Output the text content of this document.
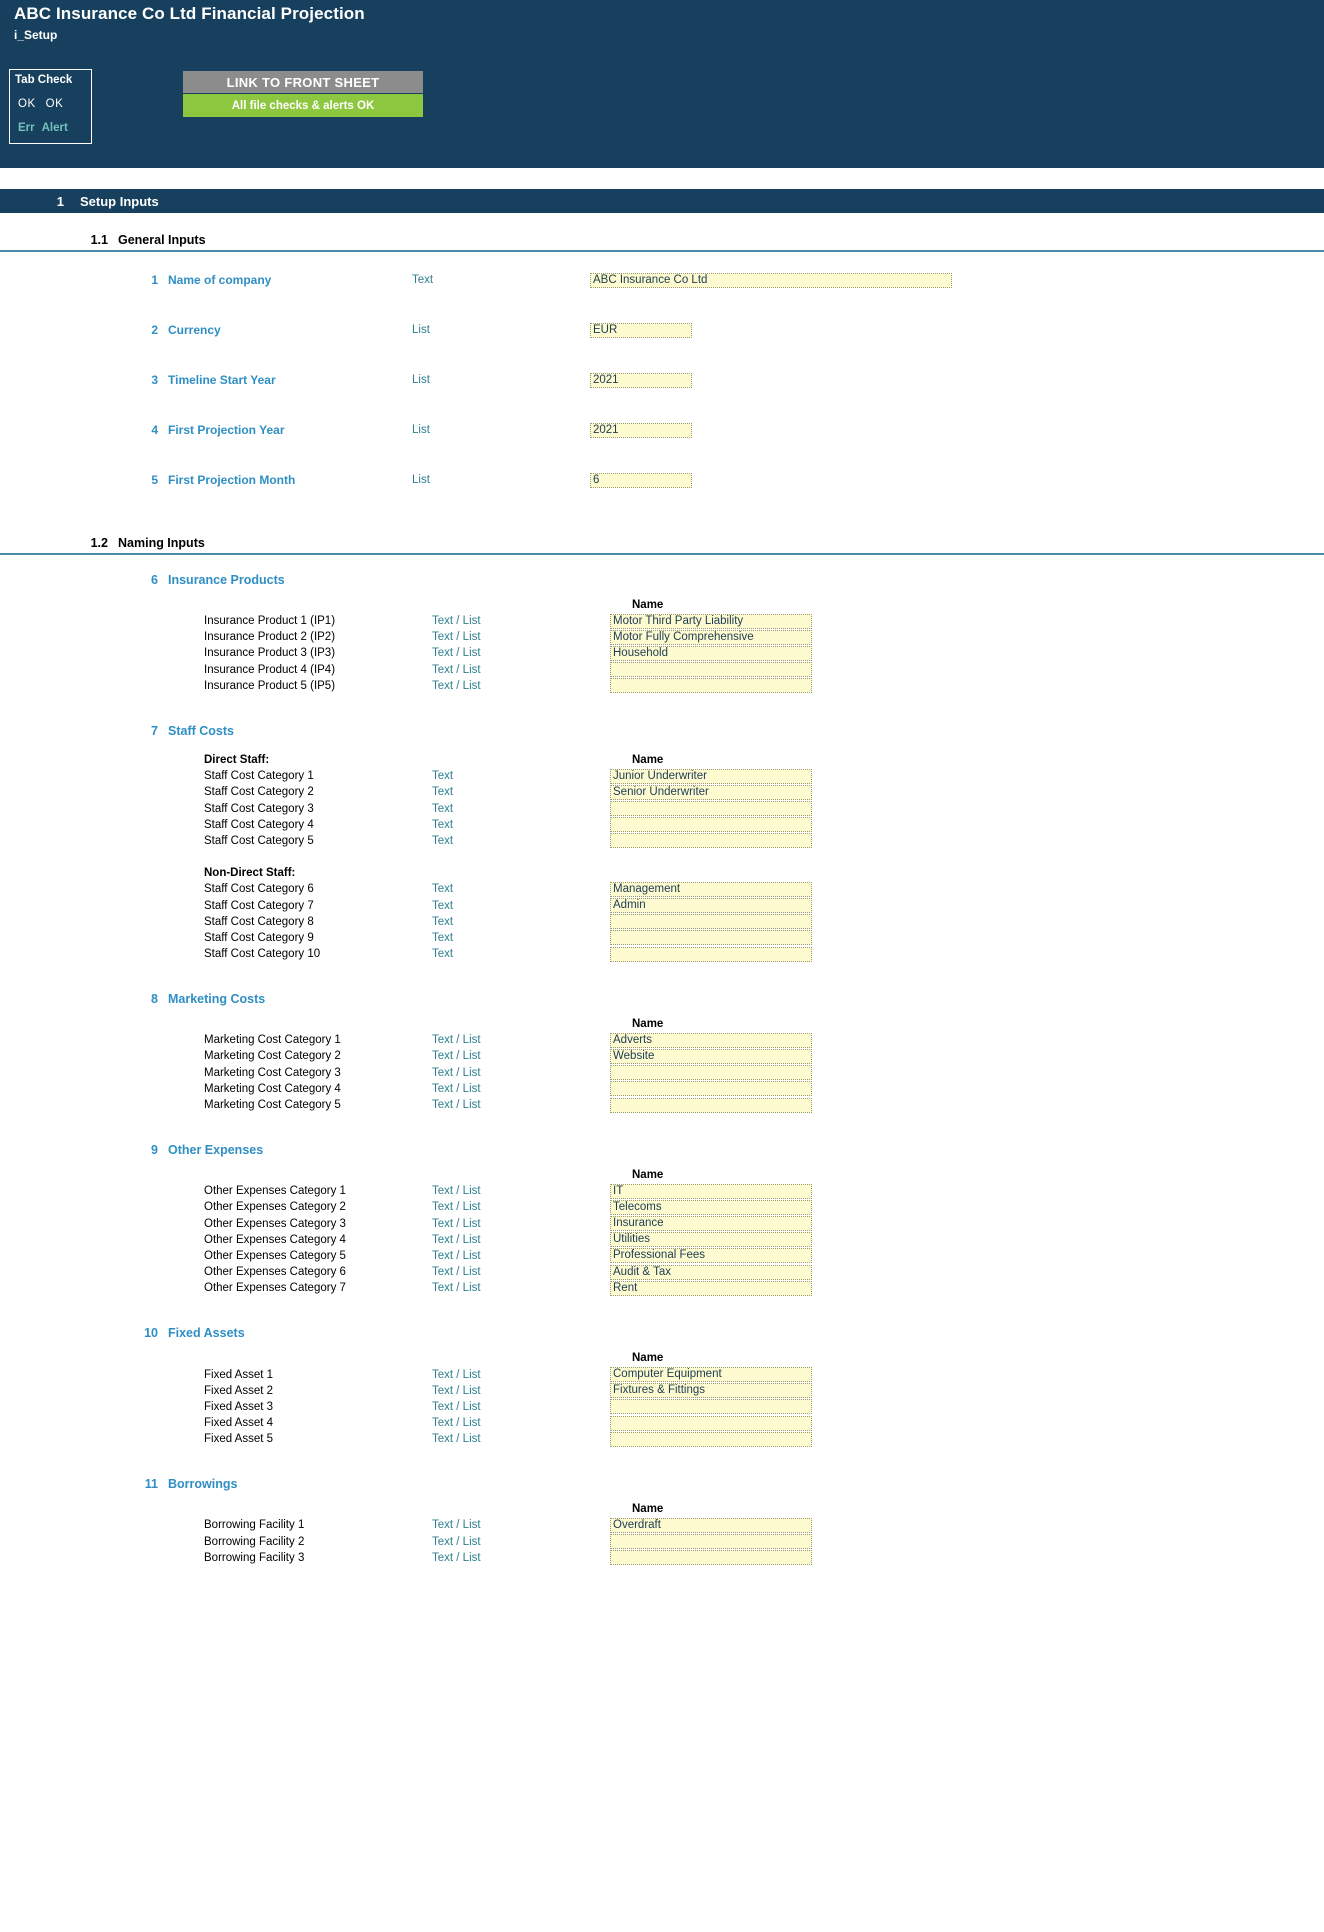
ABC Insurance Co Ltd Financial Projection
i_Setup
Tab Check
OK OK
Err Alert
LINK TO FRONT SHEET
All file checks & alerts OK
1	Setup Inputs
1.1 General Inputs
1 Name of company	Text	ABC Insurance Co Ltd
2 Currency	List	EUR
3 Timeline Start Year	List	2021
4 First Projection Year	List	2021
5 First Projection Month	List	6
1.2 Naming Inputs
6 Insurance Products
Name
Insurance Product 1 (IP1)	Text / List	Motor Third Party Liability
Insurance Product 2 (IP2)	Text / List	Motor Fully Comprehensive
Insurance Product 3 (IP3)	Text / List	Household
Insurance Product 4 (IP4)	Text / List
Insurance Product 5 (IP5)	Text / List
7 Staff Costs
Direct Staff:	Name
Staff Cost Category 1	Text	Junior Underwriter
Staff Cost Category 2	Text	Senior Underwriter
Staff Cost Category 3	Text
Staff Cost Category 4	Text
Staff Cost Category 5	Text
Non-Direct Staff:
Staff Cost Category 6	Text	Management
Staff Cost Category 7	Text	Admin
Staff Cost Category 8	Text
Staff Cost Category 9	Text
Staff Cost Category 10	Text
8 Marketing Costs
Name
Marketing Cost Category 1	Text / List	Adverts
Marketing Cost Category 2	Text / List	Website
Marketing Cost Category 3	Text / List
Marketing Cost Category 4	Text / List
Marketing Cost Category 5	Text / List
9 Other Expenses
Name
Other Expenses Category 1	Text / List	IT
Other Expenses Category 2	Text / List	Telecoms
Other Expenses Category 3	Text / List	Insurance
Other Expenses Category 4	Text / List	Utilities
Other Expenses Category 5	Text / List	Professional Fees
Other Expenses Category 6	Text / List	Audit & Tax
Other Expenses Category 7	Text / List	Rent
10 Fixed Assets
Name
Fixed Asset 1	Text / List	Computer Equipment
Fixed Asset 2	Text / List	Fixtures & Fittings
Fixed Asset 3	Text / List
Fixed Asset 4	Text / List
Fixed Asset 5	Text / List
11 Borrowings
Name
Borrowing Facility 1	Text / List	Overdraft
Borrowing Facility 2	Text / List
Borrowing Facility 3	Text / List
